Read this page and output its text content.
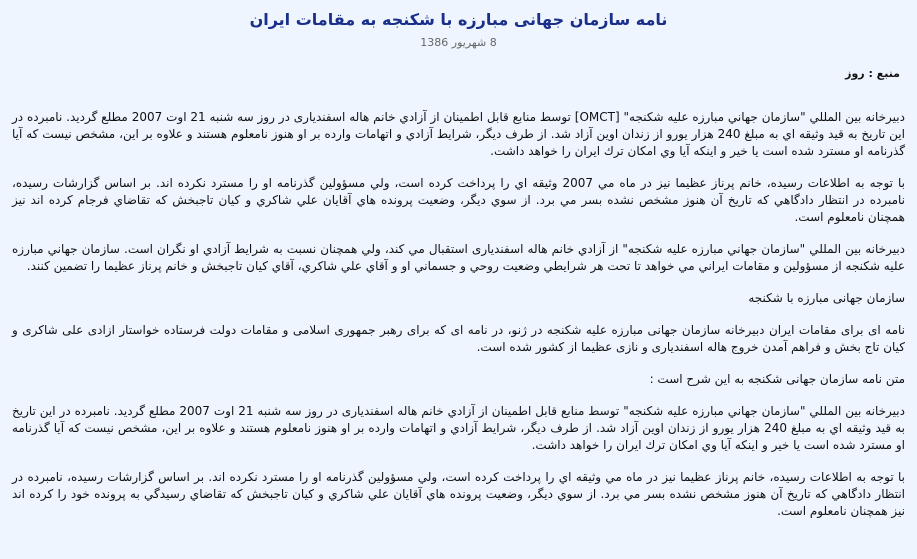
نامه سازمان جهانی مبارزه با شکنجه به مقامات ایران
8 شهریور 1386
منبع : روز

دبيرخانه بين المللي "سازمان جهاني مبارزه عليه شكنجه" [OMCT] توسط منابع قابل اطمينان از آزادي خانم هاله اسفنديارى در روز سه شنبه 21 اوت 2007 مطلع گرديد. نامبرده در اين تاريخ به قيد وثيقه اي به مبلغ 240 هزار يورو از زندان اوين آزاد شد. از طرف ديگر، شرايط آزادي و اتهامات وارده بر او هنوز نامعلوم هستند و علاوه بر اين، مشخص نيست كه آيا گذرنامه او مسترد شده است يا خير و اينكه آيا وي امكان ترك ايران را خواهد داشت.

با توجه به اطلاعات رسيده، خانم پرناز عظيما نيز در ماه مي 2007 وثيقه اي را پرداخت كرده است، ولي مسؤولين گذرنامه او را مسترد نكرده اند. بر اساس گزارشات رسيده، نامبرده در انتظار دادگاهي كه تاريخ آن هنوز مشخص نشده بسر مي برد. از سوي ديگر، وضعيت پرونده هاي آقايان علي شاكري و كيان تاجبخش كه تقاضاي فرجام كرده اند نيز همچنان نامعلوم است.

دبيرخانه بين المللي "سازمان جهاني مبارزه عليه شكنجه" از آزادي خانم هاله اسفنديارى استقبال مي كند، ولي همچنان نسبت به شرايط آزادي او نگران است. سازمان جهاني مبارزه عليه شكنجه از مسؤولين و مقامات ايراني مي خواهد تا تحت هر شرايطي وضعيت روحي و جسماني او و آقاي علي شاكري، آقاي كيان تاجبخش و خانم پرناز عظيما را تضمين كنند.

سازمان جهانی مبارزه با شکنجه

نامه ای برای مقامات ایران دبیرخانه سازمان جهانی مبارزه علیه شکنجه در ژنو، در نامه ای که برای رهبر جمهوری اسلامی و مقامات دولت فرستاده خواستار ازادی علی شاکری و کیان تاج بخش و فراهم آمدن خروج هاله اسفندیاری و نازی عظیما از کشور شده است.

متن نامه سازمان جهانی شکنجه به این شرح است :

دبيرخانه بين المللي "سازمان جهاني مبارزه عليه شكنجه" توسط منابع قابل اطمينان از آزادي خانم هاله اسفنديارى در روز سه شنبه 21 اوت 2007 مطلع گرديد. نامبرده در اين تاريخ به قيد وثيقه اي به مبلغ 240 هزار يورو از زندان اوين آزاد شد. از طرف ديگر، شرايط آزادي و اتهامات وارده بر او هنوز نامعلوم هستند و علاوه بر اين، مشخص نيست كه آيا گذرنامه او مسترد شده است يا خير و اينكه آيا وي امكان ترك ايران را خواهد داشت.

با توجه به اطلاعات رسيده، خانم پرناز عظيما نيز در ماه مي وثيقه اي را پرداخت كرده است، ولي مسؤولين گذرنامه او را مسترد نكرده اند. بر اساس گزارشات رسيده، نامبرده در انتظار دادگاهي كه تاريخ آن هنوز مشخص نشده بسر مي برد. از سوي ديگر، وضعيت پرونده هاي آقايان علي شاكري و كيان تاجبخش كه تقاضاي رسيدگي به پرونده خود را كرده اند نيز همچنان نامعلوم است.
